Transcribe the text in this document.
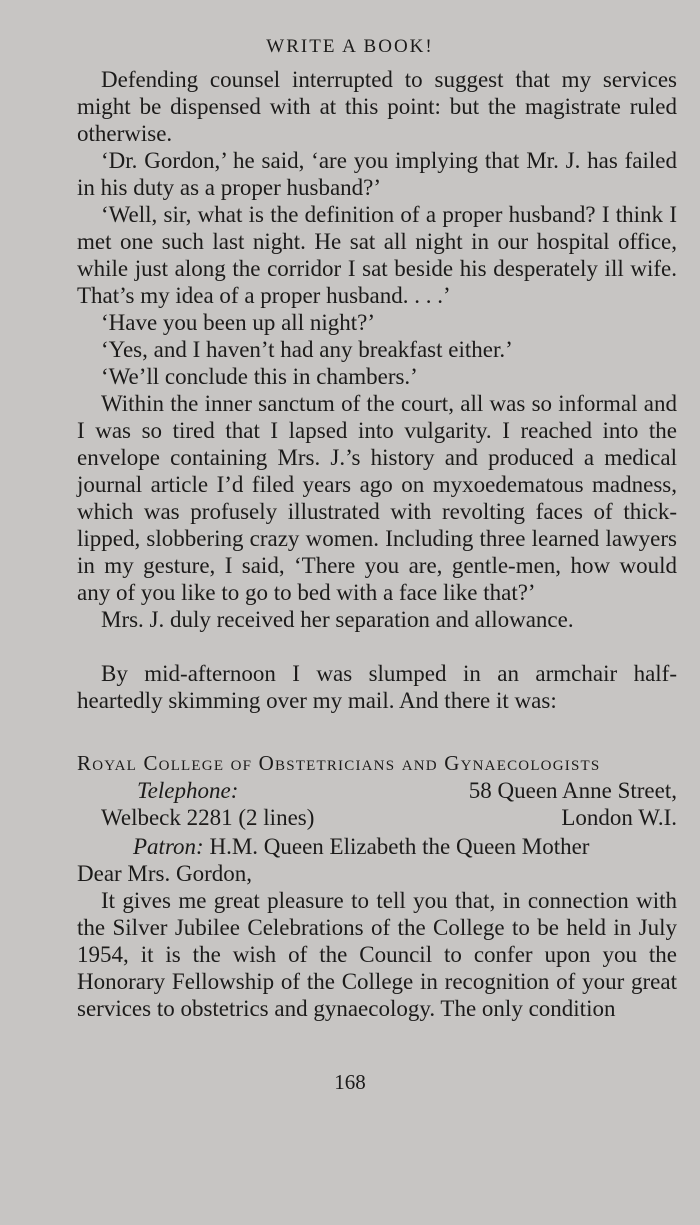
WRITE A BOOK!

Defending counsel interrupted to suggest that my services might be dispensed with at this point: but the magistrate ruled otherwise.

‘Dr. Gordon,’ he said, ‘are you implying that Mr. J. has failed in his duty as a proper husband?’

‘Well, sir, what is the definition of a proper husband? I think I met one such last night. He sat all night in our hospital office, while just along the corridor I sat beside his desperately ill wife. That’s my idea of a proper husband. . . .’

‘Have you been up all night?’

‘Yes, and I haven’t had any breakfast either.’

‘We’ll conclude this in chambers.’

Within the inner sanctum of the court, all was so informal and I was so tired that I lapsed into vulgarity. I reached into the envelope containing Mrs. J.’s history and produced a medical journal article I’d filed years ago on myxoedematous madness, which was profusely illustrated with revolting faces of thick-lipped, slobbering crazy women. Including three learned lawyers in my gesture, I said, ‘There you are, gentle-men, how would any of you like to go to bed with a face like that?’

Mrs. J. duly received her separation and allowance.

By mid-afternoon I was slumped in an armchair half-heartedly skimming over my mail. And there it was:

Royal College of Obstetricians and Gynaecologists
Telephone:	58 Queen Anne Street,
Welbeck 2281 (2 lines)	London W.I.
Patron: H.M. Queen Elizabeth the Queen Mother

Dear Mrs. Gordon,

It gives me great pleasure to tell you that, in connection with the Silver Jubilee Celebrations of the College to be held in July 1954, it is the wish of the Council to confer upon you the Honorary Fellowship of the College in recognition of your great services to obstetrics and gynaecology. The only condition

168
